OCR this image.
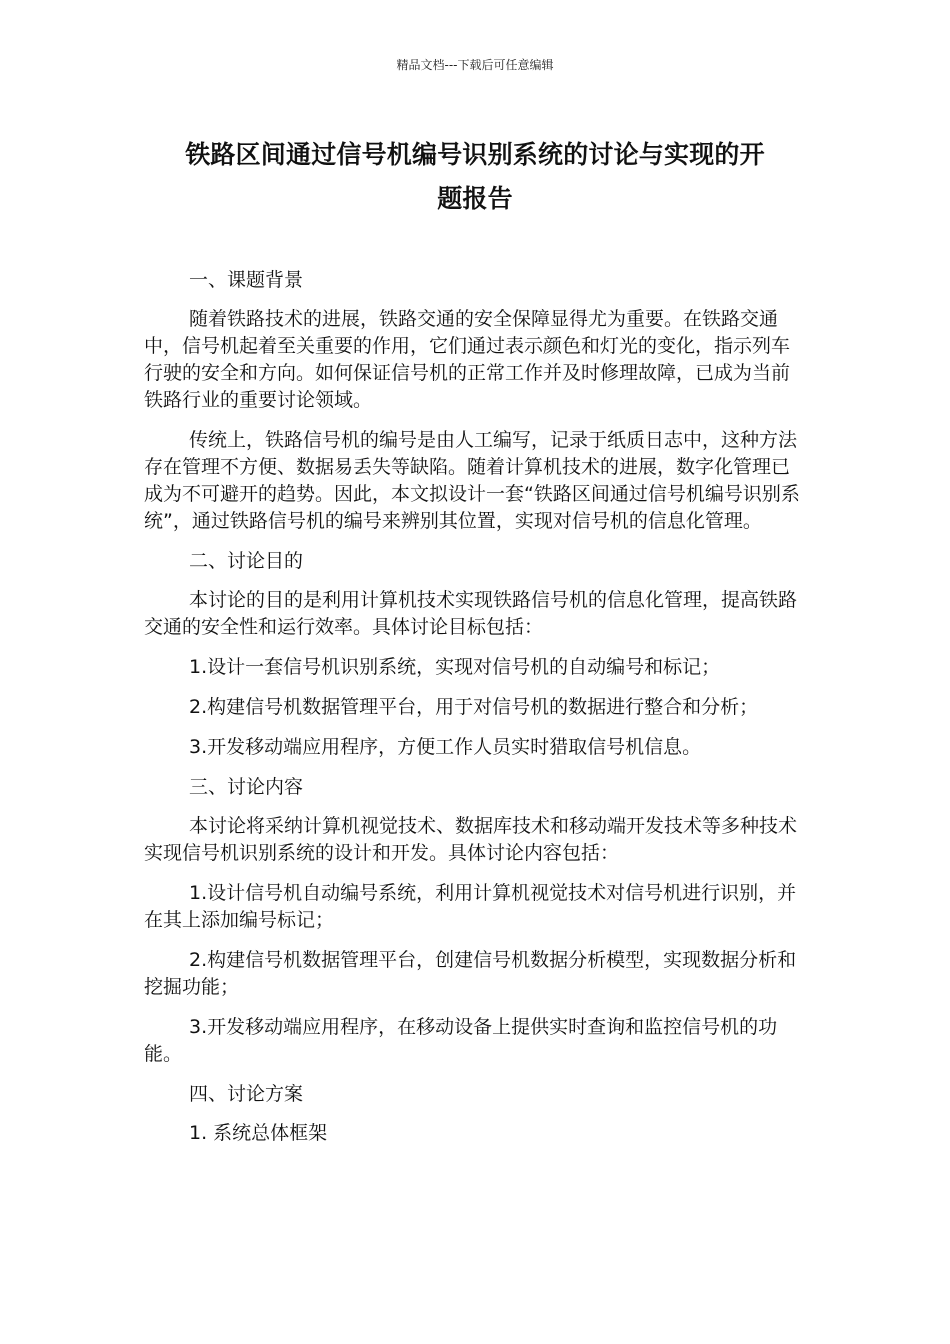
精品文档---下载后可任意编辑
铁路区间通过信号机编号识别系统的讨论与实现的开
题报告

一、课题背景

随着铁路技术的进展，铁路交通的安全保障显得尤为重要。在铁路交通中，信号机起着至关重要的作用，它们通过表示颜色和灯光的变化，指示列车行驶的安全和方向。如何保证信号机的正常工作并及时修理故障，已成为当前铁路行业的重要讨论领域。

传统上，铁路信号机的编号是由人工编写，记录于纸质日志中，这种方法存在管理不方便、数据易丢失等缺陷。随着计算机技术的进展，数字化管理已成为不可避开的趋势。因此，本文拟设计一套“铁路区间通过信号机编号识别系统”，通过铁路信号机的编号来辨别其位置，实现对信号机的信息化管理。

二、讨论目的

本讨论的目的是利用计算机技术实现铁路信号机的信息化管理，提高铁路交通的安全性和运行效率。具体讨论目标包括：

1.设计一套信号机识别系统，实现对信号机的自动编号和标记；

2.构建信号机数据管理平台，用于对信号机的数据进行整合和分析；

3.开发移动端应用程序，方便工作人员实时猎取信号机信息。

三、讨论内容

本讨论将采纳计算机视觉技术、数据库技术和移动端开发技术等多种技术实现信号机识别系统的设计和开发。具体讨论内容包括：

1.设计信号机自动编号系统，利用计算机视觉技术对信号机进行识别，并在其上添加编号标记；

2.构建信号机数据管理平台，创建信号机数据分析模型，实现数据分析和挖掘功能；

3.开发移动端应用程序，在移动设备上提供实时查询和监控信号机的功能。

四、讨论方案

1. 系统总体框架
